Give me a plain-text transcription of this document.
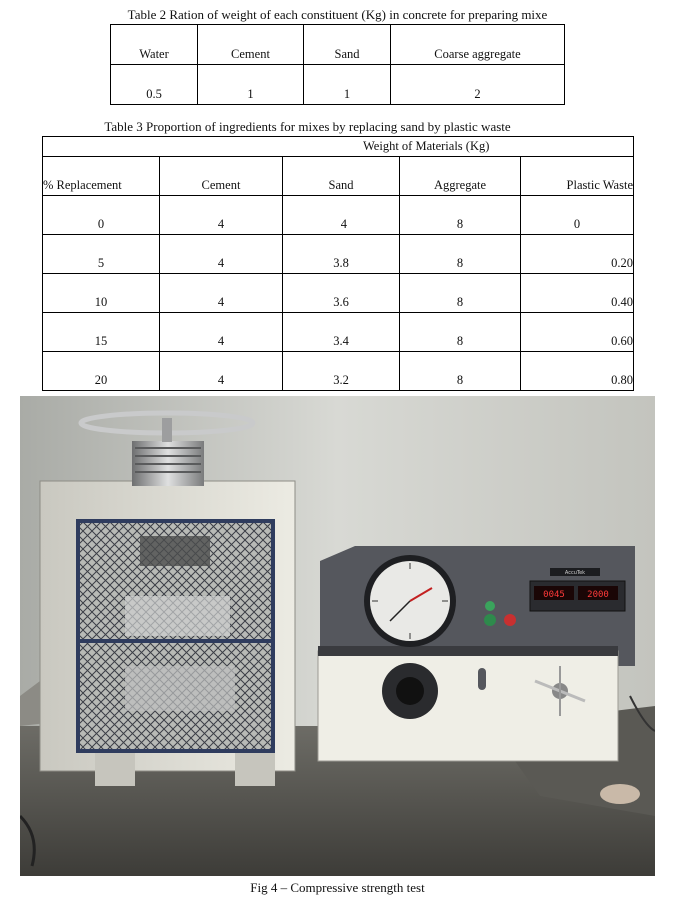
Table 2 Ration of weight of each constituent (Kg) in concrete for preparing mixe
Water	Cement	Sand	Coarse aggregate
0.5	1	1	2
Table 3 Proportion of ingredients for mixes by replacing sand by plastic waste
Weight of Materials (Kg)				
% Replacement	Cement	Sand	Aggregate	Plastic Waste
0	4	4	8	0
5	4	3.8	8	0.20
10	4	3.6	8	0.40
15	4	3.4	8	0.60
20	4	3.2	8	0.80
0045 2000
AccuTek
Fig 4 – Compressive strength test
